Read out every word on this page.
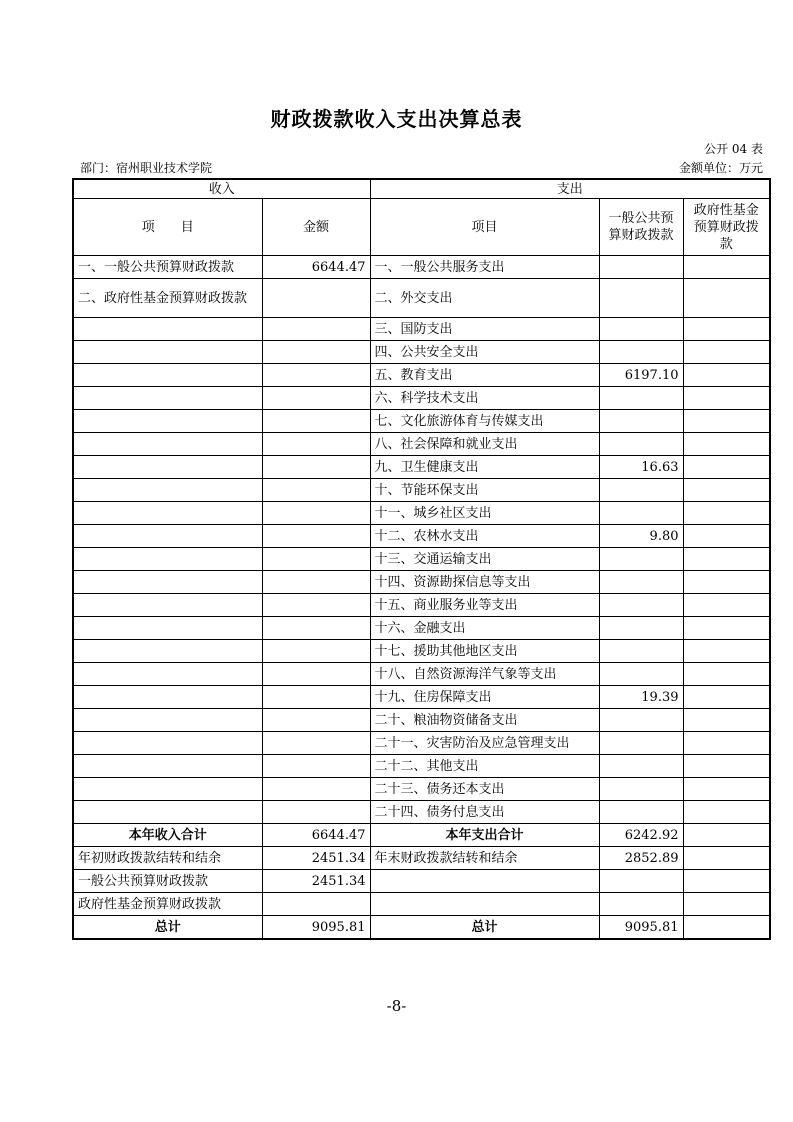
财政拨款收入支出决算总表
公开 04 表
部门：宿州职业技术学院	金额单位：万元
收入		支出		
项　　目	金额	项目	一般公共预算财政拨款	政府性基金预算财政拨款
一、一般公共预算财政拨款	6644.47	一、一般公共服务支出		
二、政府性基金预算财政拨款		二、外交支出		
		三、国防支出		
		四、公共安全支出		
		五、教育支出	6197.10	
		六、科学技术支出		
		七、文化旅游体育与传媒支出		
		八、社会保障和就业支出		
		九、卫生健康支出	16.63	
		十、节能环保支出		
		十一、城乡社区支出		
		十二、农林水支出	9.80	
		十三、交通运输支出		
		十四、资源勘探信息等支出		
		十五、商业服务业等支出		
		十六、金融支出		
		十七、援助其他地区支出		
		十八、自然资源海洋气象等支出		
		十九、住房保障支出	19.39	
		二十、粮油物资储备支出		
		二十一、灾害防治及应急管理支出		
		二十二、其他支出		
		二十三、债务还本支出		
		二十四、债务付息支出		
本年收入合计	6644.47	本年支出合计	6242.92	
年初财政拨款结转和结余	2451.34	年末财政拨款结转和结余	2852.89	
一般公共预算财政拨款	2451.34			
政府性基金预算财政拨款				
总计	9095.81	总计	9095.81	
-8-
